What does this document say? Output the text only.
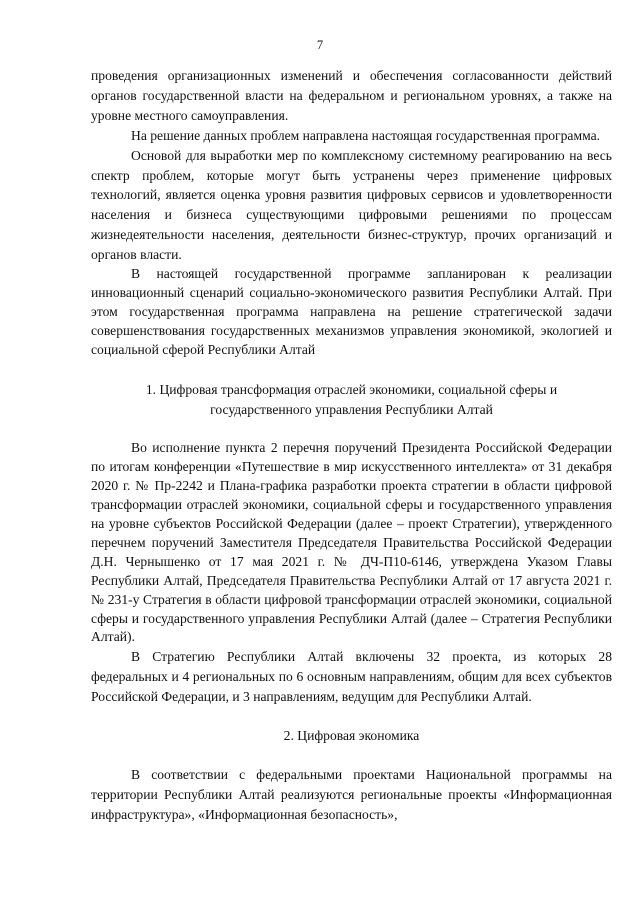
7

проведения организационных изменений и обеспечения согласованности действий органов государственной власти на федеральном и региональном уровнях, а также на уровне местного самоуправления.

На решение данных проблем направлена настоящая государственная программа.

Основой для выработки мер по комплексному системному реагированию на весь спектр проблем, которые могут быть устранены через применение цифровых технологий, является оценка уровня развития цифровых сервисов и удовлетворенности населения и бизнеса существующими цифровыми решениями по процессам жизнедеятельности населения, деятельности бизнес-структур, прочих организаций и органов власти.

В настоящей государственной программе запланирован к реализации инновационный сценарий социально-экономического развития Республики Алтай. При этом государственная программа направлена на решение стратегической задачи совершенствования государственных механизмов управления экономикой, экологией и социальной сферой Республики Алтай

1. Цифровая трансформация отраслей экономики, социальной сферы и
государственного управления Республики Алтай

Во исполнение пункта 2 перечня поручений Президента Российской Федерации по итогам конференции «Путешествие в мир искусственного интеллекта» от 31 декабря 2020 г. № Пр-2242 и Плана-графика разработки проекта стратегии в области цифровой трансформации отраслей экономики, социальной сферы и государственного управления на уровне субъектов Российской Федерации (далее – проект Стратегии), утвержденного перечнем поручений Заместителя Председателя Правительства Российской Федерации Д.Н. Чернышенко от 17 мая 2021 г. № ДЧ-П10-6146, утверждена Указом Главы Республики Алтай, Председателя Правительства Республики Алтай от 17 августа 2021 г. № 231-у Стратегия в области цифровой трансформации отраслей экономики, социальной сферы и государственного управления Республики Алтай (далее – Стратегия Республики Алтай).

В Стратегию Республики Алтай включены 32 проекта, из которых 28 федеральных и 4 региональных по 6 основным направлениям, общим для всех субъектов Российской Федерации, и 3 направлениям, ведущим для Республики Алтай.

2. Цифровая экономика

В соответствии с федеральными проектами Национальной программы на территории Республики Алтай реализуются региональные проекты «Информационная инфраструктура», «Информационная безопасность»,
